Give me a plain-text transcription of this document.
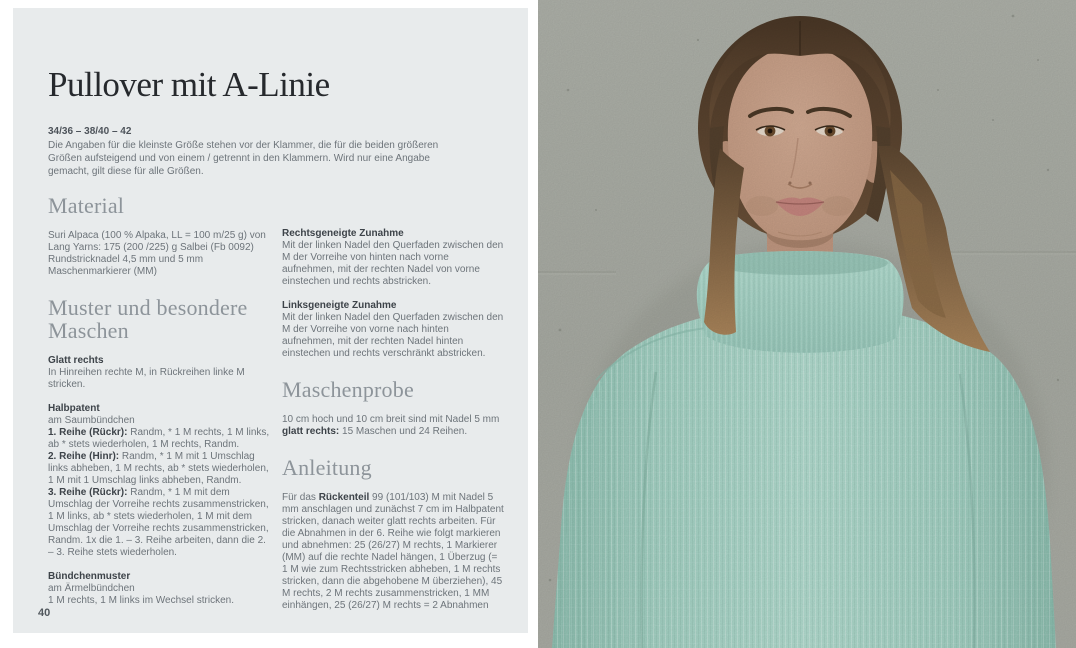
Pullover mit A-Linie

34/36 – 38/40 – 42

Die Angaben für die kleinste Größe stehen vor der Klammer, die für die beiden größeren Größen aufsteigend und von einem / getrennt in den Klammern. Wird nur eine Angabe gemacht, gilt diese für alle Größen.

Material
Suri Alpaca (100 % Alpaka, LL = 100 m/25 g) von
Lang Yarns: 175 (200 /225) g Salbei (Fb 0092)
Rundstricknadel 4,5 mm und 5 mm
Maschenmarkierer (MM)
Muster und besondere Maschen
Glatt rechts

In Hinreihen rechte M, in Rückreihen linke M stricken.

Halbpatent

am Saumbündchen

1. Reihe (Rückr): Randm, * 1 M rechts, 1 M links, ab * stets wiederholen, 1 M rechts, Randm.

2. Reihe (Hinr): Randm, * 1 M mit 1 Umschlag links abheben, 1 M rechts, ab * stets wiederholen, 1 M mit 1 Umschlag links abheben, Randm.

3. Reihe (Rückr): Randm, * 1 M mit dem Umschlag der Vorreihe rechts zusammenstricken, 1 M links, ab * stets wiederholen, 1 M mit dem Umschlag der Vorreihe rechts zusammenstricken, Randm. 1x die 1. – 3. Reihe arbeiten, dann die 2. – 3. Reihe stets wiederholen.

Bündchenmuster

am Ärmelbündchen

1 M rechts, 1 M links im Wechsel stricken.

Rechtsgeneigte Zunahme

Mit der linken Nadel den Querfaden zwischen den M der Vorreihe von hinten nach vorne aufnehmen, mit der rechten Nadel von vorne einstechen und rechts abstricken.

Linksgeneigte Zunahme

Mit der linken Nadel den Querfaden zwischen den M der Vorreihe von vorne nach hinten aufnehmen, mit der rechten Nadel hinten einstechen und rechts verschränkt abstricken.

Maschenprobe

10 cm hoch und 10 cm breit sind mit Nadel 5 mm glatt rechts: 15 Maschen und 24 Reihen.

Anleitung

Für das Rückenteil 99 (101/103) M mit Nadel 5 mm anschlagen und zunächst 7 cm im Halbpatent stricken, danach weiter glatt rechts arbeiten. Für die Abnahmen in der 6. Reihe wie folgt markieren und abnehmen: 25 (26/27) M rechts, 1 Markierer (MM) auf die rechte Nadel hängen, 1 Überzug (= 1 M wie zum Rechtsstricken abheben, 1 M rechts stricken, dann die abgehobene M überziehen), 45 M rechts, 2 M rechts zusammenstricken, 1 MM einhängen, 25 (26/27) M rechts = 2 Abnahmen

40
